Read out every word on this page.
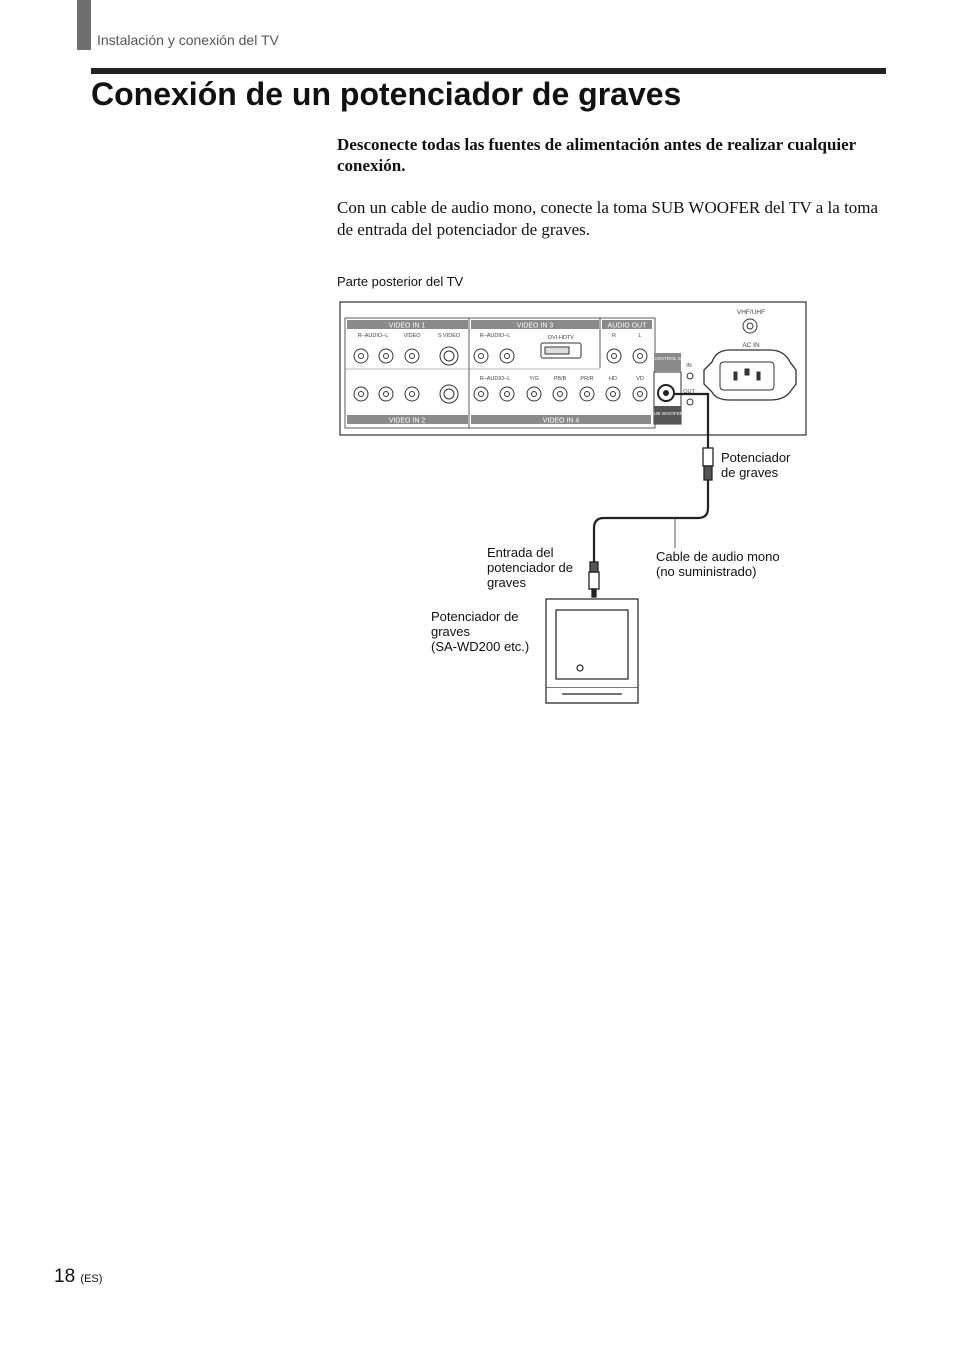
Instalación y conexión del TV
Conexión de un potenciador de graves

Desconecte todas las fuentes de alimentación antes de realizar cualquier conexión.

Con un cable de audio mono, conecte la toma SUB WOOFER del TV a la toma de entrada del potenciador de graves.

Parte posterior del TV
VIDEO IN 1	VIDEO IN 3	AUDIO OUT
VIDEO IN 2	VIDEO IN 4
R–AUDIO–L	VIDEO	S VIDEO	R–AUDIO–L	DVI-HDTV	R	L
R–AUDIO–L	Y/G	PB/B	PR/R	HD	VD
IN
OUT
CONTROL S
SUB WOOFER
VHF/UHF
AC IN
Potenciador
de graves
Cable de audio mono
(no suministrado)
Entrada del
potenciador de
graves
Potenciador de
graves
(SA-WD200 etc.)
18 (ES)
